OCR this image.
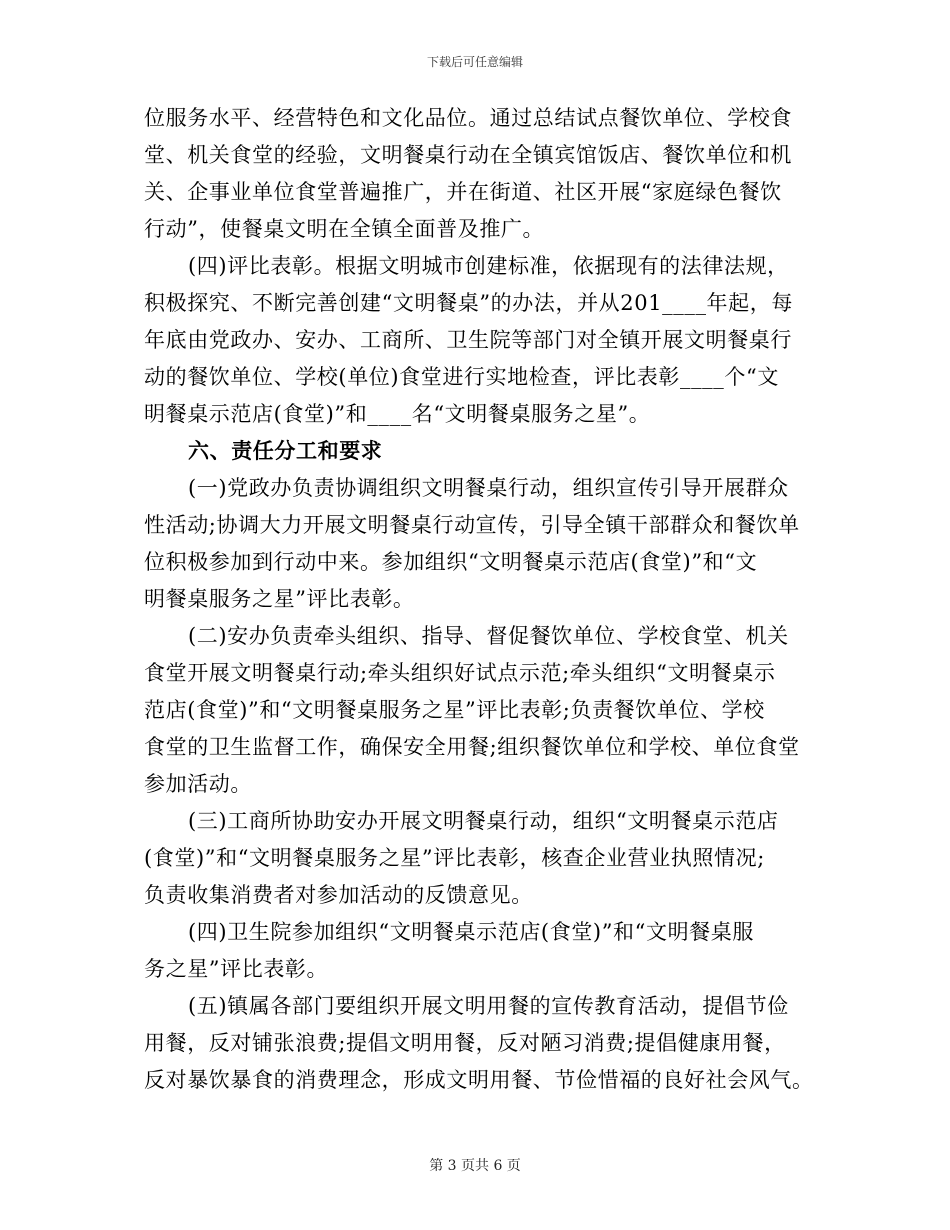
下载后可任意编辑
位服务水平、经营特色和文化品位。通过总结试点餐饮单位、学校食
堂、机关食堂的经验，文明餐桌行动在全镇宾馆饭店、餐饮单位和机
关、企事业单位食堂普遍推广，并在街道、社区开展“家庭绿色餐饮
行动”，使餐桌文明在全镇全面普及推广。
(四)评比表彰。根据文明城市创建标准，依据现有的法律法规，
积极探究、不断完善创建“文明餐桌”的办法，并从201____年起，每
年底由党政办、安办、工商所、卫生院等部门对全镇开展文明餐桌行
动的餐饮单位、学校(单位)食堂进行实地检查，评比表彰____个“文
明餐桌示范店(食堂)”和____名“文明餐桌服务之星”。
六、责任分工和要求
(一)党政办负责协调组织文明餐桌行动，组织宣传引导开展群众
性活动;协调大力开展文明餐桌行动宣传，引导全镇干部群众和餐饮单
位积极参加到行动中来。参加组织“文明餐桌示范店(食堂)”和“文
明餐桌服务之星”评比表彰。
(二)安办负责牵头组织、指导、督促餐饮单位、学校食堂、机关
食堂开展文明餐桌行动;牵头组织好试点示范;牵头组织“文明餐桌示
范店(食堂)”和“文明餐桌服务之星”评比表彰;负责餐饮单位、学校
食堂的卫生监督工作，确保安全用餐;组织餐饮单位和学校、单位食堂
参加活动。
(三)工商所协助安办开展文明餐桌行动，组织“文明餐桌示范店
(食堂)”和“文明餐桌服务之星”评比表彰，核查企业营业执照情况;
负责收集消费者对参加活动的反馈意见。
(四)卫生院参加组织“文明餐桌示范店(食堂)”和“文明餐桌服
务之星”评比表彰。
(五)镇属各部门要组织开展文明用餐的宣传教育活动，提倡节俭
用餐，反对铺张浪费;提倡文明用餐，反对陋习消费;提倡健康用餐，
反对暴饮暴食的消费理念，形成文明用餐、节俭惜福的良好社会风气。
第 3 页共 6 页
